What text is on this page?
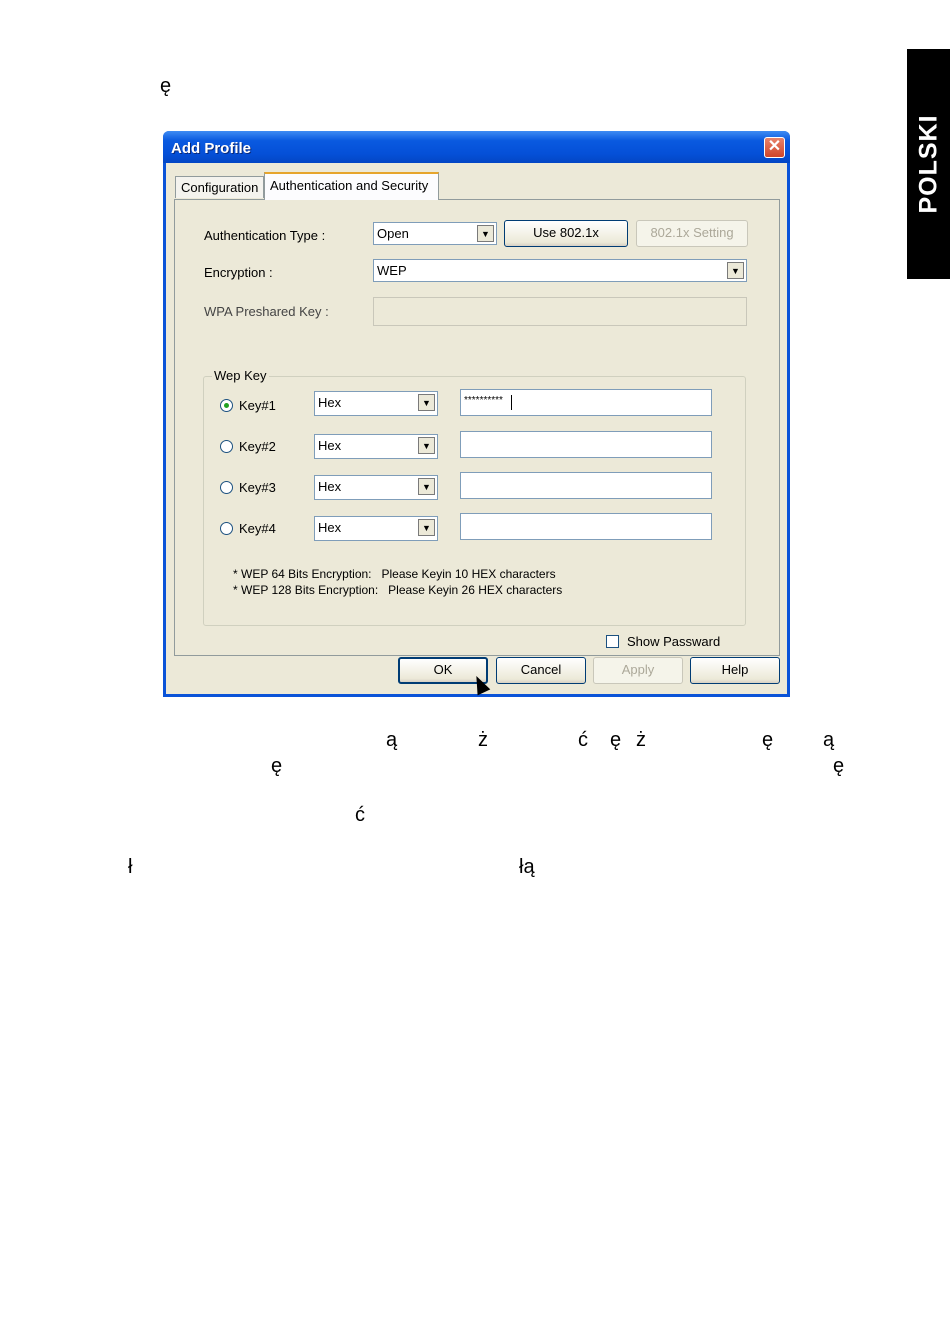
ę
POLSKI
Add Profile	✕
Configuration
Authentication Type :	Open	▼	Use 802.1x	802.1x Setting
Encryption :	WEP	▼
WPA Preshared Key :
Wep Key
Key#1	Hex	▼	**********
Key#2	Hex	▼
Key#3	Hex	▼
Key#4	Hex	▼
* WEP 64 Bits Encryption:   Please Keyin 10 HEX characters
* WEP 128 Bits Encryption:   Please Keyin 26 HEX characters
Show Passward
Authentication and Security
OK	Cancel	Apply	Help
ą	ż	ć ę ż	ę ą
ę	ę
ć
ł	łą
